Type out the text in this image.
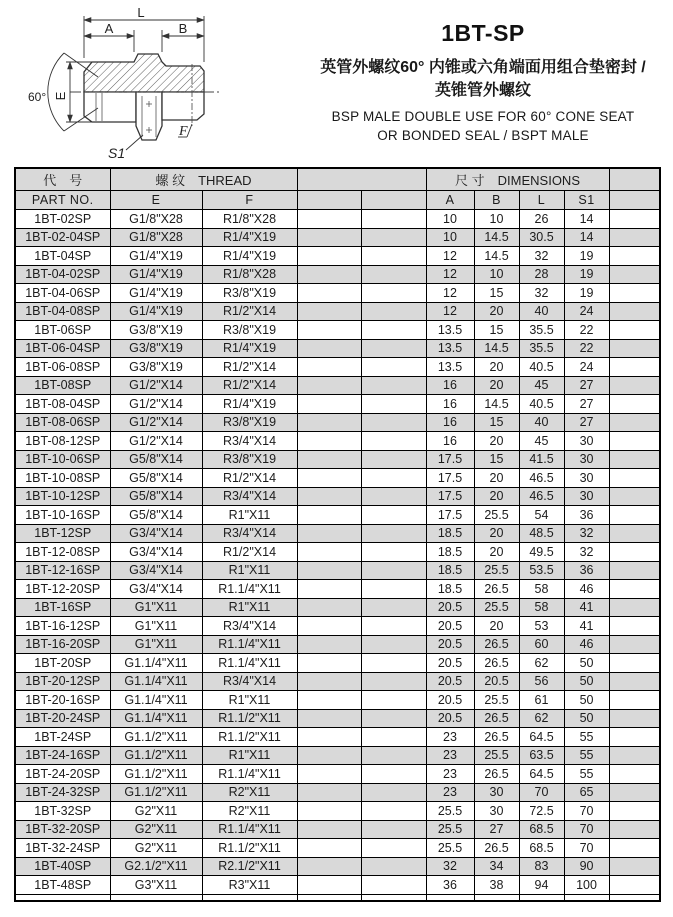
L
A	B
E
60°
S1
F
1BT-SP
英管外螺纹60° 内锥或六角端面用组合垫密封 /
英锥管外螺纹
BSP MALE DOUBLE USE FOR 60° CONE SEAT
OR BONDED SEAL / BSPT MALE
代　号	螺 纹　THREAD				尺 寸　DIMENSIONS				
PART NO.	E	F			A	B	L	S1	
1BT-02SP	G1/8"X28	R1/8"X28			10	10	26	14	
1BT-02-04SP	G1/8"X28	R1/4"X19			10	14.5	30.5	14	
1BT-04SP	G1/4"X19	R1/4"X19			12	14.5	32	19	
1BT-04-02SP	G1/4"X19	R1/8"X28			12	10	28	19	
1BT-04-06SP	G1/4"X19	R3/8"X19			12	15	32	19	
1BT-04-08SP	G1/4"X19	R1/2"X14			12	20	40	24	
1BT-06SP	G3/8"X19	R3/8"X19			13.5	15	35.5	22	
1BT-06-04SP	G3/8"X19	R1/4"X19			13.5	14.5	35.5	22	
1BT-06-08SP	G3/8"X19	R1/2"X14			13.5	20	40.5	24	
1BT-08SP	G1/2"X14	R1/2"X14			16	20	45	27	
1BT-08-04SP	G1/2"X14	R1/4"X19			16	14.5	40.5	27	
1BT-08-06SP	G1/2"X14	R3/8"X19			16	15	40	27	
1BT-08-12SP	G1/2"X14	R3/4"X14			16	20	45	30	
1BT-10-06SP	G5/8"X14	R3/8"X19			17.5	15	41.5	30	
1BT-10-08SP	G5/8"X14	R1/2"X14			17.5	20	46.5	30	
1BT-10-12SP	G5/8"X14	R3/4"X14			17.5	20	46.5	30	
1BT-10-16SP	G5/8"X14	R1"X11			17.5	25.5	54	36	
1BT-12SP	G3/4"X14	R3/4"X14			18.5	20	48.5	32	
1BT-12-08SP	G3/4"X14	R1/2"X14			18.5	20	49.5	32	
1BT-12-16SP	G3/4"X14	R1"X11			18.5	25.5	53.5	36	
1BT-12-20SP	G3/4"X14	R1.1/4"X11			18.5	26.5	58	46	
1BT-16SP	G1"X11	R1"X11			20.5	25.5	58	41	
1BT-16-12SP	G1"X11	R3/4"X14			20.5	20	53	41	
1BT-16-20SP	G1"X11	R1.1/4"X11			20.5	26.5	60	46	
1BT-20SP	G1.1/4"X11	R1.1/4"X11			20.5	26.5	62	50	
1BT-20-12SP	G1.1/4"X11	R3/4"X14			20.5	20.5	56	50	
1BT-20-16SP	G1.1/4"X11	R1"X11			20.5	25.5	61	50	
1BT-20-24SP	G1.1/4"X11	R1.1/2"X11			20.5	26.5	62	50	
1BT-24SP	G1.1/2"X11	R1.1/2"X11			23	26.5	64.5	55	
1BT-24-16SP	G1.1/2"X11	R1"X11			23	25.5	63.5	55	
1BT-24-20SP	G1.1/2"X11	R1.1/4"X11			23	26.5	64.5	55	
1BT-24-32SP	G1.1/2"X11	R2"X11			23	30	70	65	
1BT-32SP	G2"X11	R2"X11			25.5	30	72.5	70	
1BT-32-20SP	G2"X11	R1.1/4"X11			25.5	27	68.5	70	
1BT-32-24SP	G2"X11	R1.1/2"X11			25.5	26.5	68.5	70	
1BT-40SP	G2.1/2"X11	R2.1/2"X11			32	34	83	90	
1BT-48SP	G3"X11	R3"X11			36	38	94	100	
